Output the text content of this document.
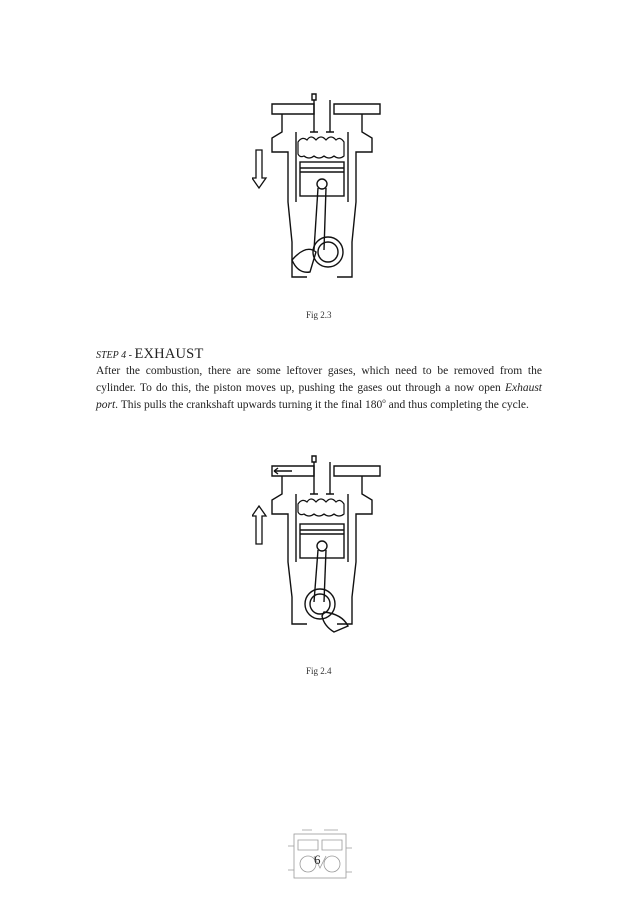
Fig 2.3
STEP 4 - EXHAUST

After the combustion, there are some leftover gases, which need to be removed from the cylinder. To do this, the piston moves up, pushing the gases out through a now open Exhaust port. This pulls the crankshaft upwards turning it the final 180$^o$ and thus completing the cycle.

Fig 2.4
6
